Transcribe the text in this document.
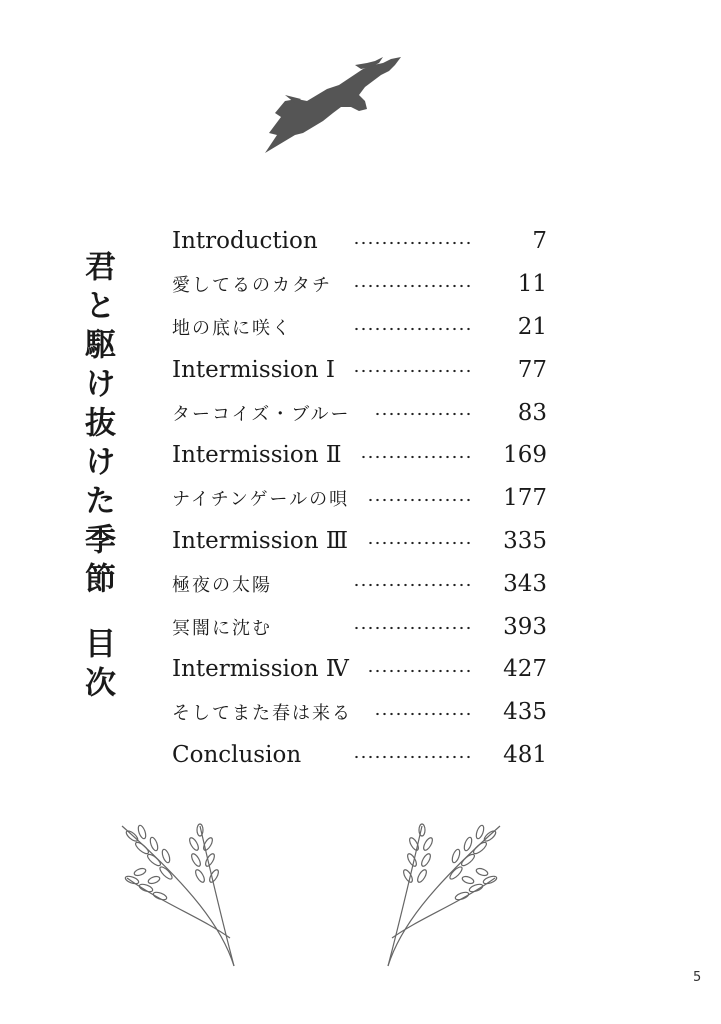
君と駆け抜けた季節目次
Introduction	7
愛してるのカタチ	11
地の底に咲く	21
Intermission Ⅰ	77
ターコイズ・ブルー	83
Intermission Ⅱ	169
ナイチンゲールの唄	177
Intermission Ⅲ	335
極夜の太陽	343
冥闇に沈む	393
Intermission Ⅳ	427
そしてまた春は来る	435
Conclusion	481
5
